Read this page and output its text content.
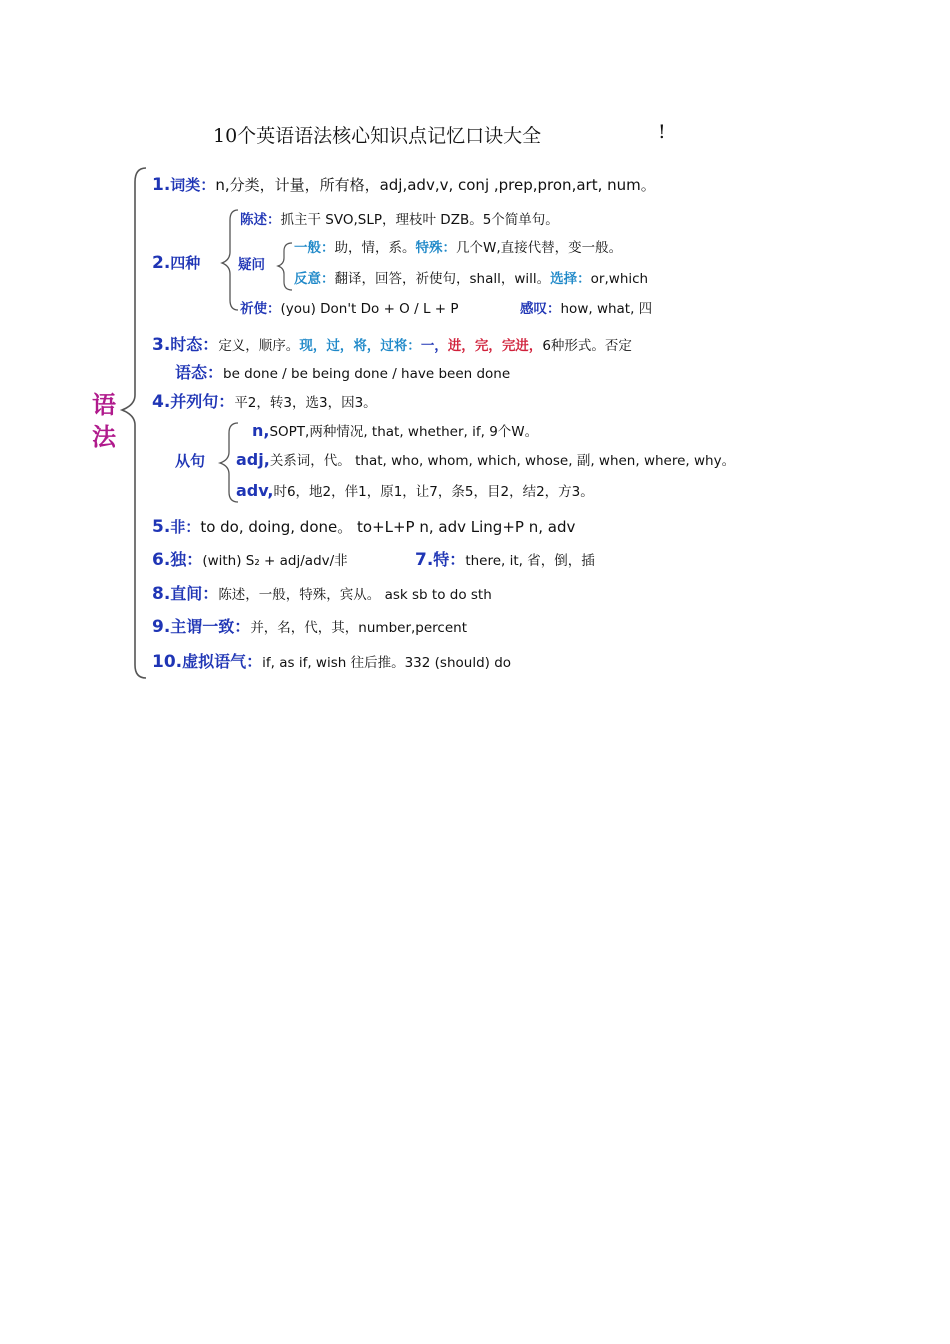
10个英语语法核心知识点记忆口诀大全	!
语
法
1.词类：n,分类，计量，所有格，adj,adv,v, conj ,prep,pron,art, num。
2.四种
陈述：抓主干 SVO,SLP，理枝叶 DZB。5个简单句。
疑问
一般：助，情，系。特殊：几个W,直接代替，变一般。
反意：翻译，回答，祈使句，shall，will。选择：or,which
祈使：(you) Don't Do + O / L + P	感叹：how, what, 四
3.时态：定义，顺序。现，过，将，过将：一，进，完，完进，6种形式。否定
语态：be done / be being done / have been done
4.并列句：平2，转3，选3，因3。
从句
n,SOPT,两种情况, that, whether, if, 9个W。
adj,关系词，代。 that, who, whom, which, whose, 副, when, where, why。
adv,时6，地2，伴1，原1，让7，条5，目2，结2，方3。
5.非：to do, doing, done。 to+L+P n, adv Ling+P n, adv
6.独：(with) S₂ + adj/adv/非	7.特：there, it, 省，倒，插
8.直间：陈述，一般，特殊，宾从。 ask sb to do sth
9.主谓一致：并，名，代，其，number,percent
10.虚拟语气：if, as if, wish 往后推。332 (should) do
